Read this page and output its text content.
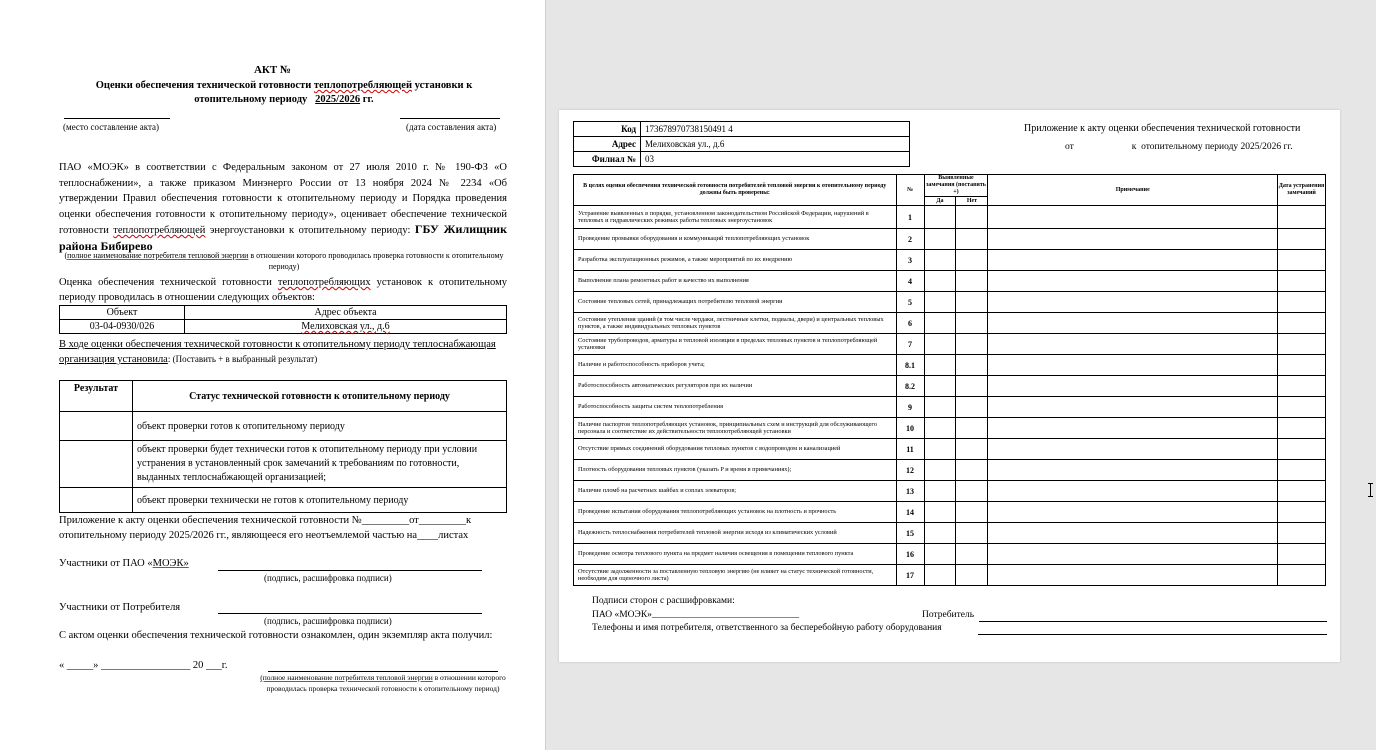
АКТ №
Оценки обеспечения технической готовности теплопотребляющей установки к
отопительному периоду 2025/2026 гг.
(место составление акта)	(дата составления акта)
ПАО «МОЭК» в соответствии с Федеральным законом от 27 июля 2010 г. № 190-ФЗ «О теплоснабжении», а также приказом Минэнерго России от 13 ноября 2024 № 2234 «Об утверждении Правил обеспечения готовности к отопительному периоду и Порядка проведения оценки обеспечения готовности к отопительному периоду», оценивает обеспечение технической готовности теплопотребляющей энергоустановки к отопительному периоду: ГБУ Жилищник района Бибирево
(полное наименование потребителя тепловой энергии в отношении которого проводилась проверка готовности к отопительному периоду)
Оценка обеспечения технической готовности теплопотребляющих установок к отопительному периоду проводилась в отношении следующих объектов:
Объект	Адрес объекта
03-04-0930/026	Мелиховская ул., д.6
В ходе оценки обеспечения технической готовности к отопительному периоду теплоснабжающая организация установила: (Поставить + в выбранный результат)
Результат	Статус технической готовностн к отопительному периоду
	объект проверки готов к отопительному периоду
	объект проверки будет технически готов к отопительному периоду при условии устранения в установленный срок замечаний к требованиям по готовности, выданных теплоснабжающей организацией;
	объект проверки технически не готов к отопительному периоду
Приложение к акту оценки обеспечения технической готовности №_________от_________к
отопительному периоду 2025/2026 гг., являющееся его неотъемлемой частью на____листах
Участники от ПАО «МОЭК»
(подпись, расшифровка подписи)
Участники от Потребителя
(подпись, расшифровка подписи)
С актом оценки обеспечения технической готовности ознакомлен, один экземпляр акта получил:
« _____» _________________ 20 ___г.
(полное наименование потребителя тепловой энергии в отношении которого проводилась проверка технической готовности к отопительному период)
Код	173678970738150491 4
Адрес	Мелиховская ул., д.6
Филиал №	03
Приложение к акту оценки обеспечения технической готовности
от	к отопительному периоду 2025/2026 гг.
В целях оценки обеспечения технической готовности потребителей тепловой энергии к отопительному периоду должны быть проверены:	№	Выявленные замечания (поставить +)		Примечание	Дата устранения замечаний
		Да	Нет		
Устранение выявленных в порядке, установленном законодательством Российской Федерации, нарушений в тепловых и гидравлических режимах работы тепловых энергоустановок	1				
Проведение промывки оборудования и коммуникаций теплопотребляющих установок	2				
Разработка эксплуатационных режимов, а также мероприятий по их внедрению	3				
Выполнение плана ремонтных работ и качество их выполнения	4				
Состояние тепловых сетей, принадлежащих потребителю тепловой энергии	5				
Состояние утепления зданий (в том числе чердаки, лестничные клетки, подвалы, двери) и центральных тепловых пунктов, а также индивидуальных тепловых пунктов	6				
Состояние трубопроводов, арматуры и тепловой изоляции в пределах тепловых пунктов и теплопотребляющей установки	7				
Наличие и работоспособность приборов учета;	8.1				
Работоспособность автоматических регуляторов при их наличии	8.2				
Работоспособность защиты систем теплопотребления	9				
Наличие паспортов теплопотребляющих установок, принципиальных схем и инструкций для обслуживающего персонала и соответствие их действительности теплопотребляющей установки	10				
Отсутствие прямых соединений оборудования тепловых пунктов с водопроводом и канализацией	11				
Плотность оборудования тепловых пунктов (указать P и время в примечаниях);	12				
Наличие пломб на расчетных шайбах и соплах элеваторов;	13				
Проведение испытания оборудования теплопотребляющих установок на плотность и прочность	14				
Надежность теплоснабжения потребителей тепловой энергии исходя из климатических условий	15				
Проведение осмотра теплового пункта на предмет наличия освещения в помещении теплового пункта	16				
Отсутствие задолженности за поставленную тепловую энергию (не влияет на статус технической готовности, необходим для оценочного листа)	17				
Подписи сторон с расшифровками:
ПАО «МОЭК»_______________________________	Потребитель
Телефоны и имя потребителя, ответственного за бесперебойную работу оборудования
